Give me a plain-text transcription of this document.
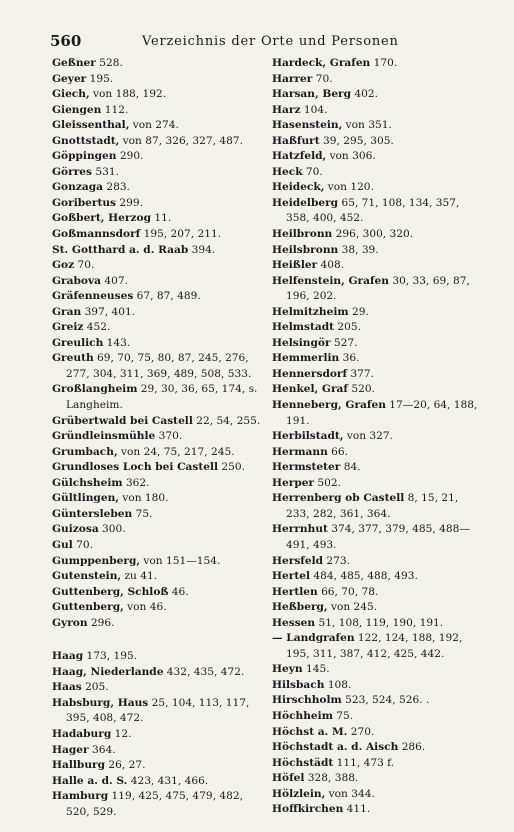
560	Verzeichnis der Orte und Personen
Geßner 528.
Geyer 195.
Giech, von 188, 192.
Giengen 112.
Gleissenthal, von 274.
Gnottstadt, von 87, 326, 327, 487.
Göppingen 290.
Görres 531.
Gonzaga 283.
Goribertus 299.
Goßbert, Herzog 11.
Goßmannsdorf 195, 207, 211.
St. Gotthard a. d. Raab 394.
Goz 70.
Grabova 407.
Gräfenneuses 67, 87, 489.
Gran 397, 401.
Greiz 452.
Greulich 143.
Greuth 69, 70, 75, 80, 87, 245, 276, 277, 304, 311, 369, 489, 508, 533.
Großlangheim 29, 30, 36, 65, 174, s. Langheim.
Grübertwald bei Castell 22, 54, 255.
Gründleinsmühle 370.
Grumbach, von 24, 75, 217, 245.
Grundloses Loch bei Castell 250.
Gülchsheim 362.
Gültlingen, von 180.
Güntersleben 75.
Guizosa 300.
Gul 70.
Gumppenberg, von 151—154.
Gutenstein, zu 41.
Guttenberg, Schloß 46.
Guttenberg, von 46.
Gyron 296.
Haag 173, 195.
Haag, Niederlande 432, 435, 472.
Haas 205.
Habsburg, Haus 25, 104, 113, 117, 395, 408, 472.
Hadaburg 12.
Hager 364.
Hallburg 26, 27.
Halle a. d. S. 423, 431, 466.
Hamburg 119, 425, 475, 479, 482, 520, 529.
Hardeck, Grafen 170.
Harrer 70.
Harsan, Berg 402.
Harz 104.
Hasenstein, von 351.
Haßfurt 39, 295, 305.
Hatzfeld, von 306.
Heck 70.
Heideck, von 120.
Heidelberg 65, 71, 108, 134, 357, 358, 400, 452.
Heilbronn 296, 300, 320.
Heilsbronn 38, 39.
Heißler 408.
Helfenstein, Grafen 30, 33, 69, 87, 196, 202.
Helmitzheim 29.
Helmstadt 205.
Helsingör 527.
Hemmerlin 36.
Hennersdorf 377.
Henkel, Graf 520.
Henneberg, Grafen 17—20, 64, 188, 191.
Herbilstadt, von 327.
Hermann 66.
Hermsteter 84.
Herper 502.
Herrenberg ob Castell 8, 15, 21, 233, 282, 361, 364.
Herrnhut 374, 377, 379, 485, 488—491, 493.
Hersfeld 273.
Hertel 484, 485, 488, 493.
Hertlen 66, 70, 78.
Heßberg, von 245.
Hessen 51, 108, 119, 190, 191.
— Landgrafen 122, 124, 188, 192, 195, 311, 387, 412, 425, 442.
Heyn 145.
Hilsbach 108.
Hirschholm 523, 524, 526. .
Höchheim 75.
Höchst a. M. 270.
Höchstadt a. d. Aisch 286.
Höchstädt 111, 473 f.
Höfel 328, 388.
Hölzlein, von 344.
Hoffkirchen 411.
